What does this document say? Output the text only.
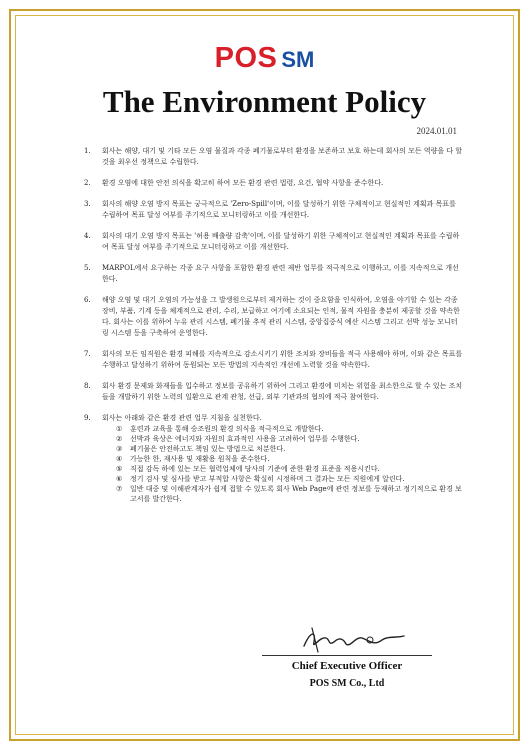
POS SM
The Environment Policy
2024.01.01
1. 회사는 해양, 대기 및 기타 모든 오염 물질과 각종 폐기물로부터 환경을 보존하고 보호 하는데 회사의 모든 역량을 다 할 것을 최우선 정책으로 수립한다.
2. 환경 오염에 대한 안전 의식을 확고히 하여 모든 환경 관련 법령, 요건, 협약 사항을 준수한다.
3. 회사의 해양 오염 방지 목표는 궁극적으로 'Zero-Spill'이며, 이를 달성하기 위한 구체적이고 현실적인 계획과 목표를 수립하여 목표 달성 여부를 주기적으로 모니터링하고 이를 개선한다.
4. 회사의 대기 오염 방지 목표는 '허용 배출량 감축'이며, 이를 달성하기 위한 구체적이고 현실적인 계획과 목표를 수립하여 목표 달성 여부를 주기적으로 모니터링하고 이를 개선한다.
5. MARPOL에서 요구하는 각종 요구 사항을 포함한 환경 관련 제반 업무를 적극적으로 이행하고, 이를 지속적으로 개선한다.
6. 해양 오염 및 대기 오염의 가능성을 그 발생원으로부터 제거하는 것이 중요함을 인식하여, 오염을 야기할 수 있는 각종 장비, 부품, 기계 등을 체계적으로 관리, 수리, 보급하고 여기에 소요되는 인적, 물적 자원을 충분히 제공할 것을 약속한다. 회사는 이를 위하여 누유 관리 시스템, 폐기물 추적 관리 시스템, 중앙집중식 예산 시스템 그리고 선박 성능 모니터링 시스템 등을 구축하여 운영한다.
7. 회사의 모든 임직원은 환경 피해를 지속적으로 감소시키기 위한 조치와 장비들을 적극 사용해야 하며, 이와 같은 목표를 수행하고 달성하기 위하여 동원되는 모든 방법의 지속적인 개선에 노력할 것을 약속한다.
8. 회사 환경 문제와 화재들을 입수하고 정보를 공유하기 위하여 그리고 환경에 미치는 위험을 최소한으로 할 수 있는 조치들을 개발하기 위한 노력의 일환으로 관계 관청, 선급, 외부 기관과의 협의에 적극 참여한다.
9. 회사는 아래와 같은 환경 관련 업무 지침을 실천한다.
① 훈련과 교육을 통해 승조원의 환경 의식을 적극적으로 개발한다.
② 선박과 육상은 에너지와 자원의 효과적인 사용을 고려하여 업무를 수행한다.
③ 폐기물은 안전하고도 책임 있는 방법으로 처분한다.
④ 가능한 한, 재사용 및 재활용 원칙을 준수한다.
⑤ 직접 감독 하에 있는 모든 협력업체에 당사의 기준에 준한 환경 표준을 적용시킨다.
⑥ 정기 검사 및 심사를 받고 부적합 사항은 확실히 시정하며 그 결과는 모든 직원에게 알린다.
⑦ 일반 대중 및 이해관계자가 쉽게 접할 수 있도록 회사 Web Page에 관련 정보를 등재하고 정기적으로 환경 보고서를 발간한다.
Chief Executive Officer
POS SM Co., Ltd
